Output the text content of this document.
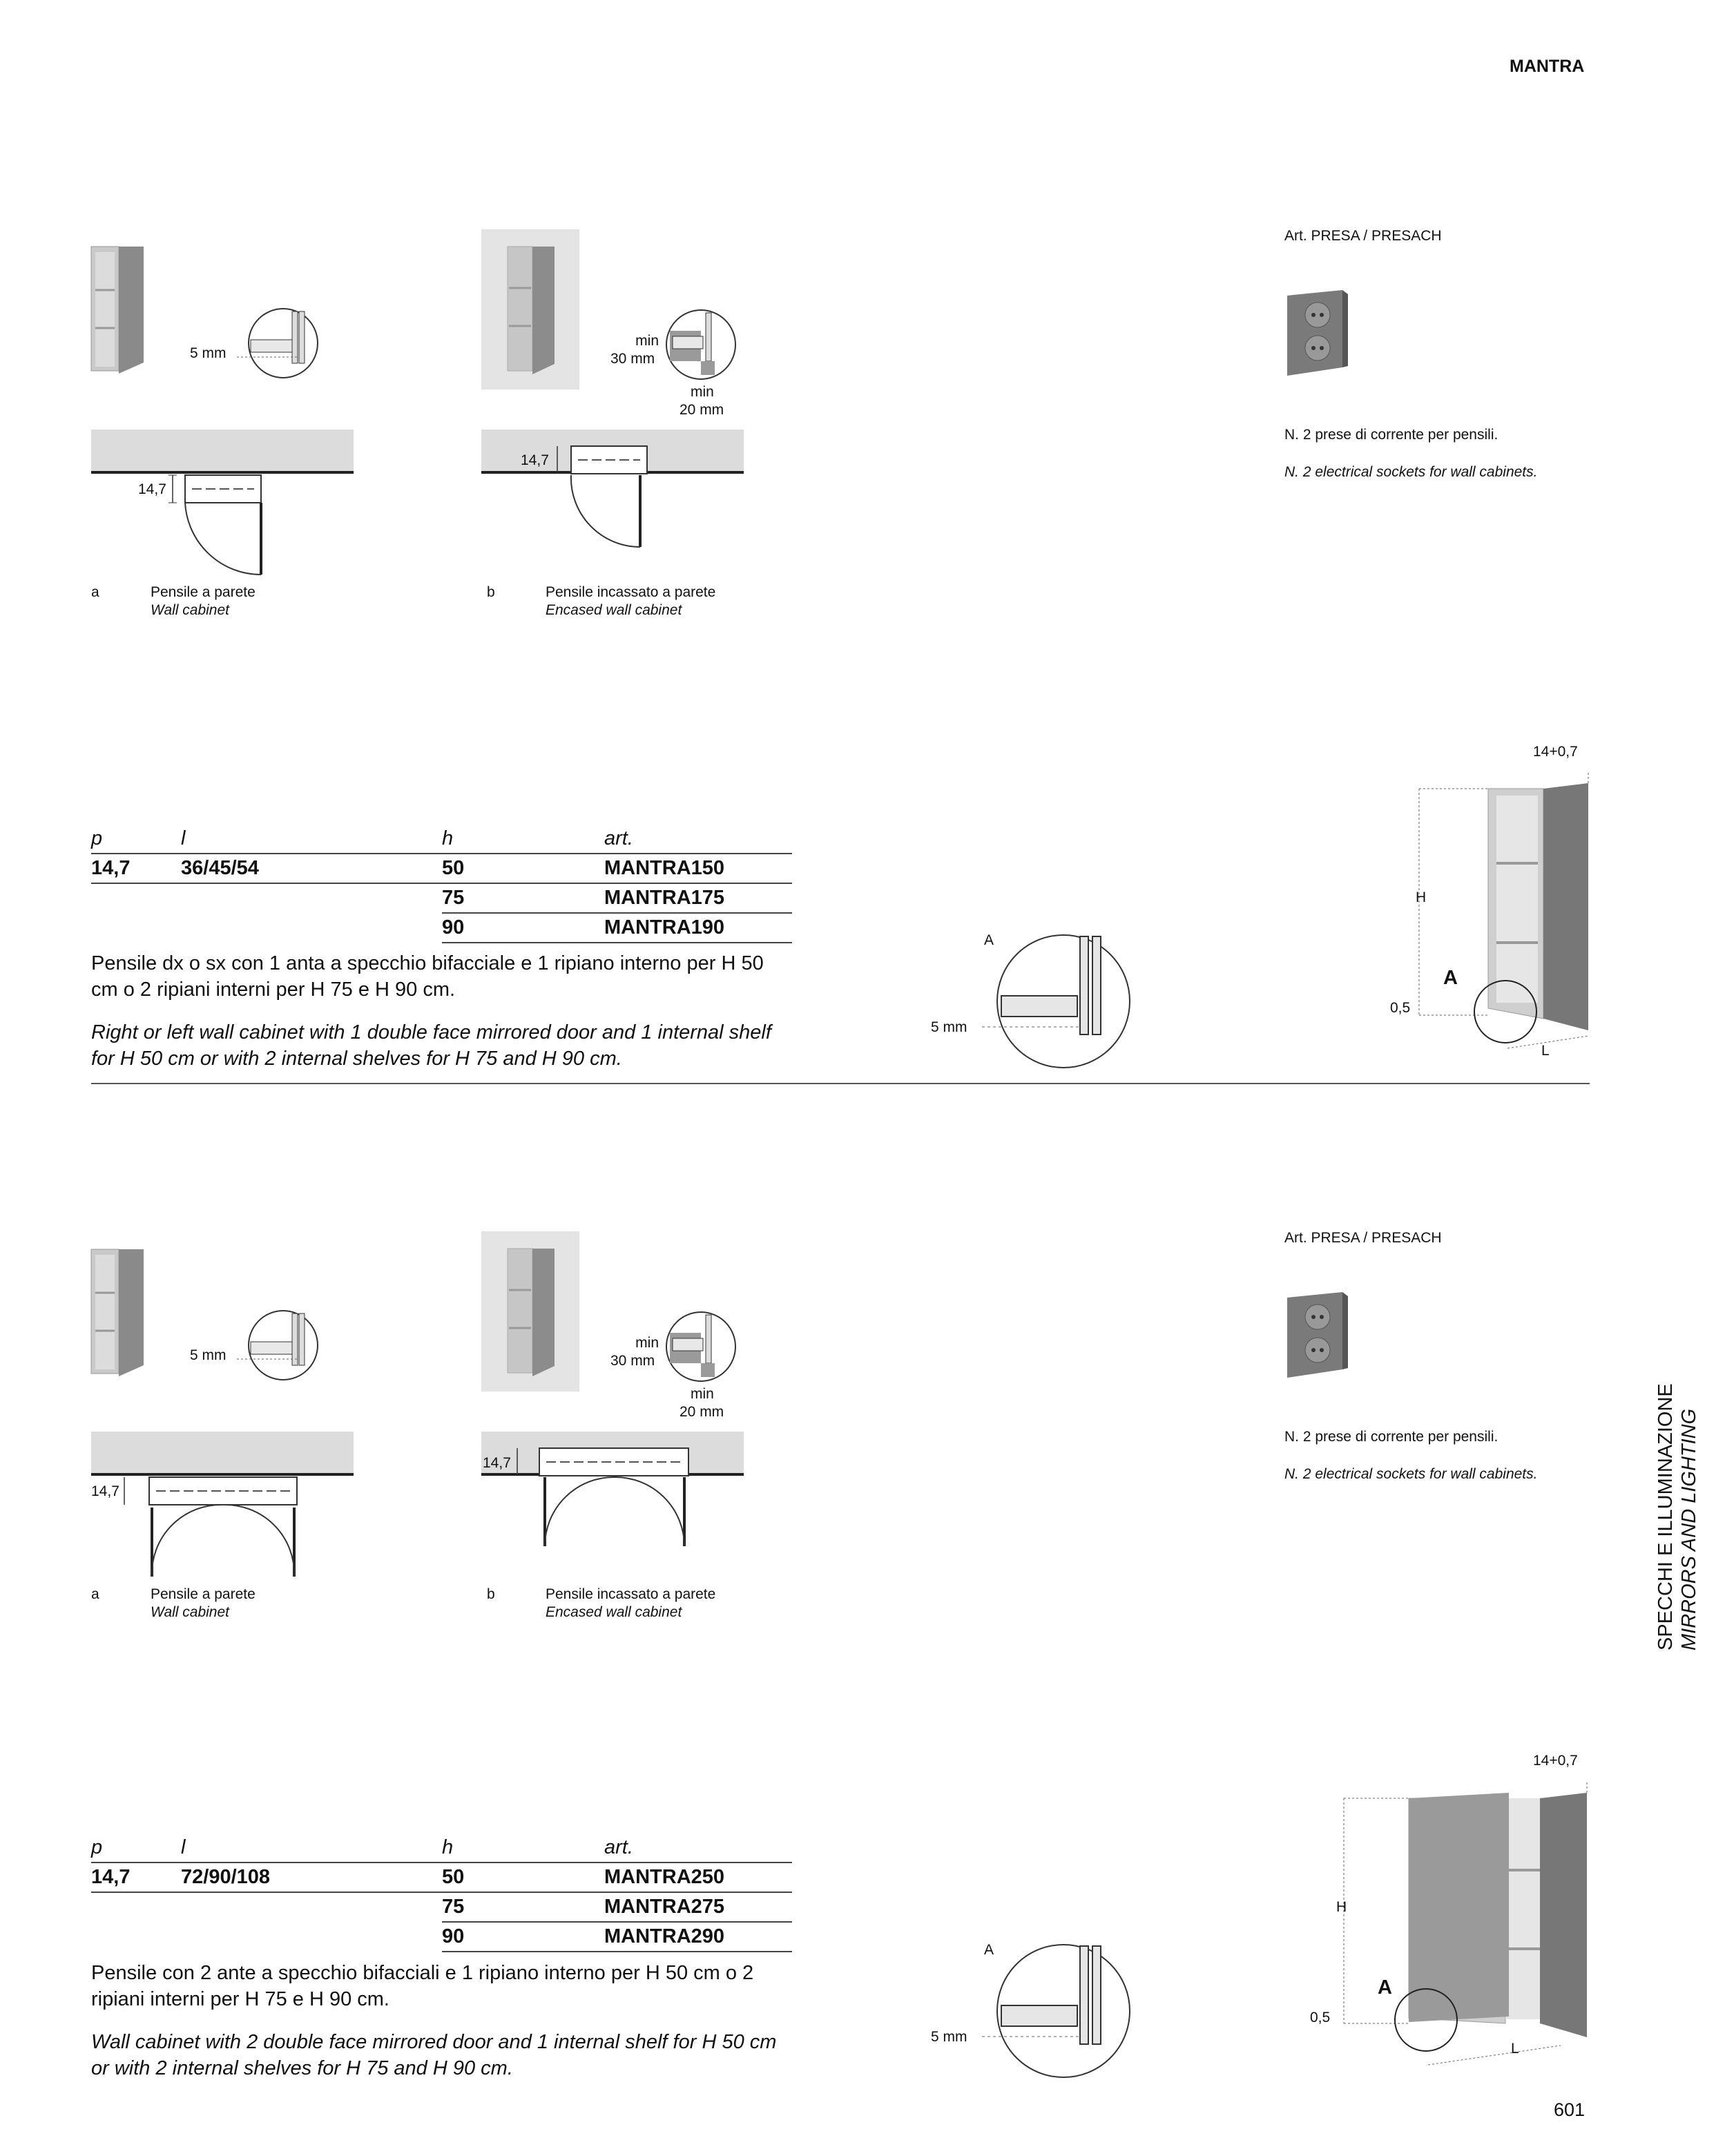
MANTRA
SPECCHI E ILLUMINAZIONE MIRRORS AND LIGHTING
601
5 mm
14,7
a	Pensile a parete
Wall cabinet
min
30 mm
min
20 mm
14,7
b	Pensile incassato a parete
Encased wall cabinet
Art. PRESA / PRESACH
N. 2 prese di corrente per pensili.
N. 2 electrical sockets for wall cabinets.
p	l	h	art.
14,7	36/45/54	50	MANTRA150
		75	MANTRA175
		90	MANTRA190
Pensile dx o sx con 1 anta a specchio bifacciale e 1 ripiano interno per H 50 cm o 2 ripiani interni per H 75 e H 90 cm.
Right or left wall cabinet with 1 double face mirrored door and 1 internal shelf for H 50 cm or with 2 internal shelves for H 75 and H 90 cm.
A
5 mm
14+0,7
H
A
0,5
L
5 mm
14,7
a	Pensile a parete
Wall cabinet
min
30 mm
min
20 mm
14,7
b	Pensile incassato a parete
Encased wall cabinet
Art. PRESA / PRESACH
N. 2 prese di corrente per pensili.
N. 2 electrical sockets for wall cabinets.
p	l	h	art.
14,7	72/90/108	50	MANTRA250
		75	MANTRA275
		90	MANTRA290
Pensile con 2 ante a specchio bifacciali e 1 ripiano interno per H 50 cm o 2 ripiani interni per H 75 e H 90 cm.
Wall cabinet with 2 double face mirrored door and 1 internal shelf for H 50 cm or with 2 internal shelves for H 75 and H 90 cm.
A
5 mm
14+0,7
H
A
0,5
L
